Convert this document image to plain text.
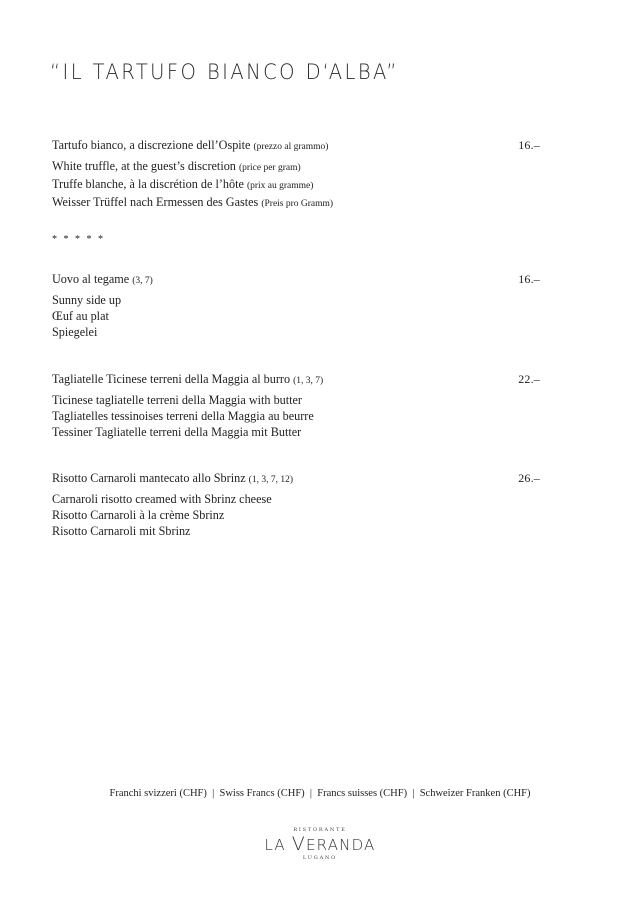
“IL TARTUFO BIANCO D‘ALBA”
Tartufo bianco, a discrezione dell’Ospite (prezzo al grammo)	16.–
White truffle, at the guest’s discretion (price per gram)
Truffe blanche, à la discrétion de l’hôte (prix au gramme)
Weisser Trüffel nach Ermessen des Gastes (Preis pro Gramm)
* * * * *
Uovo al tegame (3, 7)	16.–
Sunny side up
Œuf au plat
Spiegelei
Tagliatelle Ticinese terreni della Maggia al burro (1, 3, 7)	22.–
Ticinese tagliatelle terreni della Maggia with butter
Tagliatelles tessinoises terreni della Maggia au beurre
Tessiner Tagliatelle terreni della Maggia mit Butter
Risotto Carnaroli mantecato allo Sbrinz (1, 3, 7, 12)	26.–
Carnaroli risotto creamed with Sbrinz cheese
Risotto Carnaroli à la crème Sbrinz
Risotto Carnaroli mit Sbrinz
Franchi svizzeri (CHF)  |  Swiss Francs (CHF)  |  Francs suisses (CHF)  |  Schweizer Franken (CHF)
RISTORANTE
LA VERANDA
LUGANO
